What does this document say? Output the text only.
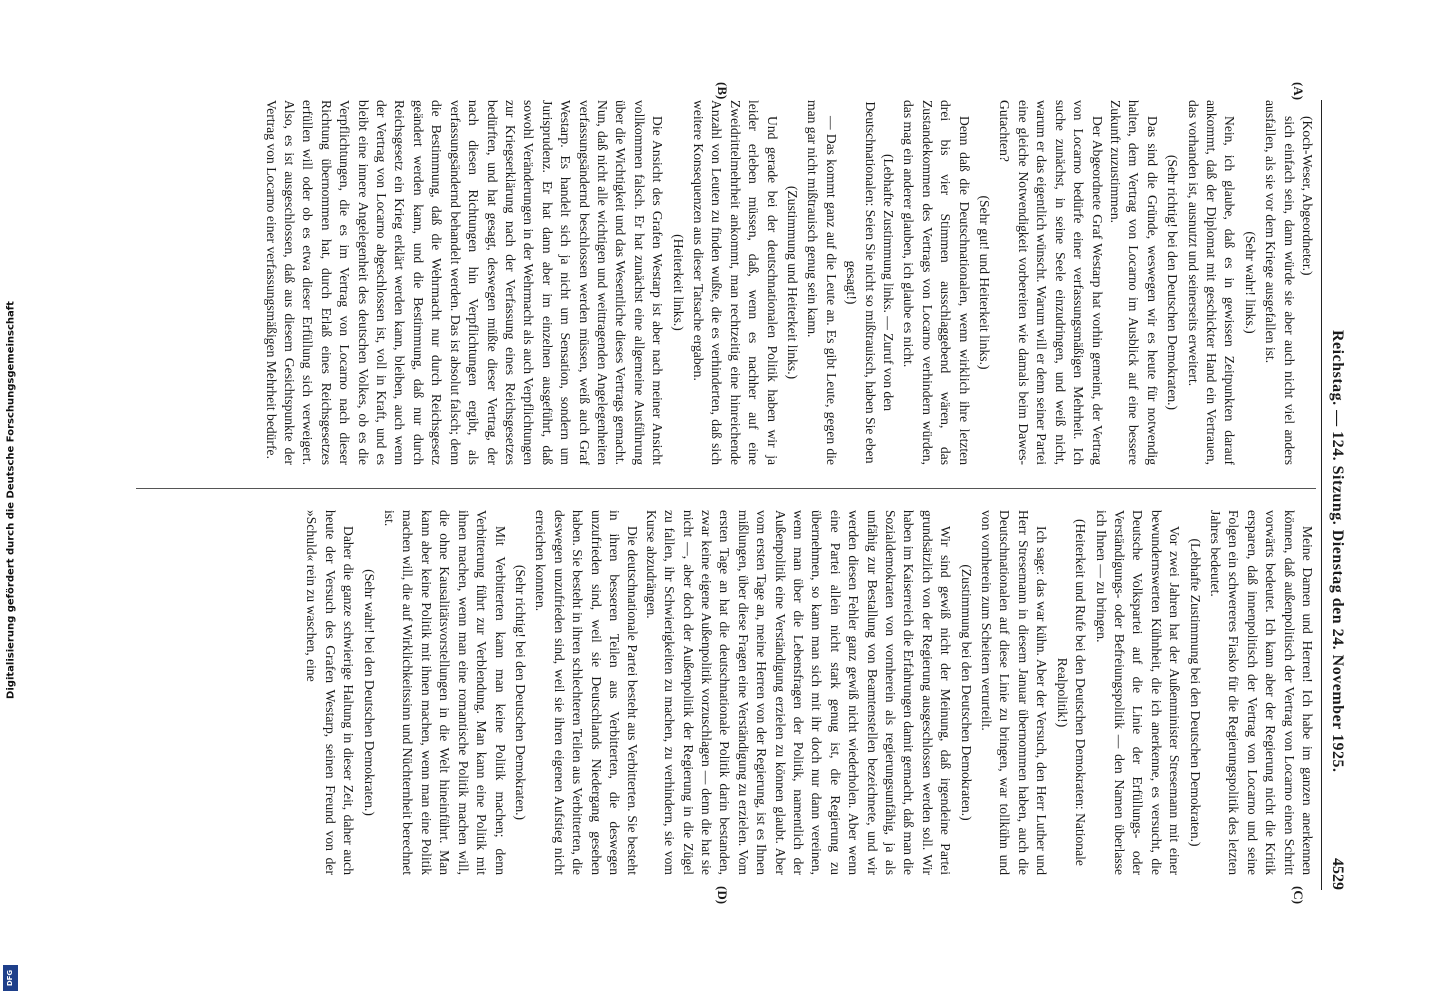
Digitalisierung gefördert durch die Deutsche Forschungsgemeinschaft
DFG
Reichstag. — 124. Sitzung. Dienstag den 24. November 1925.
4529
(A)
(B)
(C)
(D)

(Koch-Weser, Abgeordneter.)

sich einfach sein, dann würde sie aber auch nicht viel anders ausfallen, als sie vor dem Kriege ausgefallen ist.

(Sehr wahr! links.)

Nein, ich glaube, daß es in gewissen Zeitpunkten darauf ankommt, daß der Diplomat mit geschickter Hand ein Vertrauen, das vorhanden ist, ausnutzt und seinerseits erweitert.

(Sehr richtig! bei den Deutschen Demokraten.)

Das sind die Gründe, weswegen wir es heute für notwendig halten, dem Vertrag von Locarno im Ausblick auf eine bessere Zukunft zuzustimmen.

Der Abgeordnete Graf Westarp hat vorhin gemeint, der Vertrag von Locarno bedürfe einer verfassungsmäßigen Mehrheit. Ich suche zunächst, in seine Seele einzudringen, und weiß nicht, warum er das eigentlich wünscht. Warum will er denn seiner Partei eine gleiche Notwendigkeit vorbereiten wie damals beim Dawes-Gutachten?

(Sehr gut! und Heiterkeit links.)

Denn daß die Deutschnationalen, wenn wirklich ihre letzten drei bis vier Stimmen ausschlaggebend wären, das Zustandekommen des Vertrags von Locarno verhindern würden, das mag ein anderer glauben, ich glaube es nicht.

(Lebhafte Zustimmung links. — Zuruf von den Deutschnationalen: Seien Sie nicht so mißtrauisch, haben Sie eben gesagt!)

— Das kommt ganz auf die Leute an. Es gibt Leute, gegen die man gar nicht mißtrauisch genug sein kann.

(Zustimmung und Heiterkeit links.)

Und gerade bei der deutschnationalen Politik haben wir ja leider erleben müssen, daß, wenn es nachher auf eine Zweidrittelmehrheit ankommt, man rechtzeitig eine hinreichende Anzahl von Leuten zu finden wußte, die es verhinderten, daß sich weitere Konsequenzen aus dieser Tatsache ergaben.

(Heiterkeit links.)

Die Ansicht des Grafen Westarp ist aber nach meiner Ansicht vollkommen falsch. Er hat zunächst eine allgemeine Ausführung über die Wichtigkeit und das Wesentliche dieses Vertrags gemacht. Nun, daß nicht alle wichtigen und weittragenden Angelegenheiten verfassungsändernd beschlossen werden müssen, weiß auch Graf Westarp. Es handelt sich ja nicht um Sensation, sondern um Jurisprudenz. Er hat dann aber im einzelnen ausgeführt, daß sowohl Veränderungen in der Wehrmacht als auch Verpflichtungen zur Kriegserklärung nach der Verfassung eines Reichsgesetzes bedürften, und hat gesagt, deswegen müßte dieser Vertrag, der nach diesen Richtungen hin Verpflichtungen ergibt, als verfassungsändernd behandelt werden. Das ist absolut falsch; denn die Bestimmung, daß die Wehrmacht nur durch Reichsgesetz geändert werden kann, und die Bestimmung, daß nur durch Reichsgesetz ein Krieg erklärt werden kann, bleiben, auch wenn der Vertrag von Locarno abgeschlossen ist, voll in Kraft, und es bleibt eine innere Angelegenheit des deutschen Volkes, ob es die Verpflichtungen, die es im Vertrag von Locarno nach dieser Richtung übernommen hat, durch Erlaß eines Reichsgesetzes erfüllen will oder ob es etwa dieser Erfüllung sich verweigert. Also, es ist ausgeschlossen, daß aus diesem Gesichtspunkte der Vertrag von Locarno einer verfassungsmäßigen Mehrheit bedürfe.

Meine Damen und Herren! Ich habe im ganzen anerkennen können, daß außenpolitisch der Vertrag von Locarno einen Schritt vorwärts bedeutet. Ich kann aber der Regierung nicht die Kritik ersparen, daß innenpolitisch der Vertrag von Locarno und seine Folgen ein schwereres Fiasko für die Regierungspolitik des letzten Jahres bedeutet.

(Lebhafte Zustimmung bei den Deutschen Demokraten.)

Vor zwei Jahren hat der Außenminister Stresemann mit einer bewundernswerten Kühnheit, die ich anerkenne, es versucht, die Deutsche Volkspartei auf die Linie der Erfüllungs- oder Verständigungs- oder Befreiungspolitik — den Namen überlasse ich Ihnen — zu bringen.

(Heiterkeit und Rufe bei den Deutschen Demokraten: Nationale Realpolitik!)

Ich sage: das war kühn. Aber der Versuch, den Herr Luther und Herr Stresemann in diesem Januar übernommen haben, auch die Deutschnationalen auf diese Linie zu bringen, war tollkühn und von vornherein zum Scheitern verurteilt.

(Zustimmung bei den Deutschen Demokraten.)

Wir sind gewiß nicht der Meinung, daß irgendeine Partei grundsätzlich von der Regierung ausgeschlossen werden soll. Wir haben im Kaiserreich die Erfahrungen damit gemacht, daß man die Sozialdemokraten von vornherein als regierungsunfähig, ja als unfähig zur Bestallung von Beamtenstellen bezeichnete, und wir werden diesen Fehler ganz gewiß nicht wiederholen. Aber wenn eine Partei allein nicht stark genug ist, die Regierung zu übernehmen, so kann man sich mit ihr doch nur dann vereinen, wenn man über die Lebensfragen der Politik, namentlich der Außenpolitik eine Verständigung erzielen zu können glaubt. Aber vom ersten Tage an, meine Herren von der Regierung, ist es Ihnen mißlungen, über diese Fragen eine Verständigung zu erzielen. Vom ersten Tage an hat die deutschnationale Politik darin bestanden, zwar keine eigene Außenpolitik vorzuschlagen — denn die hat sie nicht —, aber doch der Außenpolitik der Regierung in die Zügel zu fallen, ihr Schwierigkeiten zu machen, zu verhindern, sie vom Kurse abzudrängen.

Die deutschnationale Partei besteht aus Verbitterten. Sie besteht in ihren besseren Teilen aus Verbitterten, die deswegen unzufrieden sind, weil sie Deutschlands Niedergang gesehen haben. Sie besteht in ihren schlechteren Teilen aus Verbitterten, die deswegen unzufrieden sind, weil sie ihren eigenen Aufstieg nicht erreichen konnten.

(Sehr richtig! bei den Deutschen Demokraten.)

Mit Verbitterten kann man keine Politik machen; denn Verbitterung führt zur Verblendung. Man kann eine Politik mit ihnen machen, wenn man eine romantische Politik machen will, die ohne Kausalitätsvorstellungen in die Welt hineinführt. Man kann aber keine Politik mit ihnen machen, wenn man eine Politik machen will, die auf Wirklichkeitssinn und Nüchternheit berechnet ist.

(Sehr wahr! bei den Deutschen Demokraten.)

Daher die ganze schwierige Haltung in dieser Zeit, daher auch heute der Versuch des Grafen Westarp, seinen Freund von der »Schuld« rein zu waschen, eine
